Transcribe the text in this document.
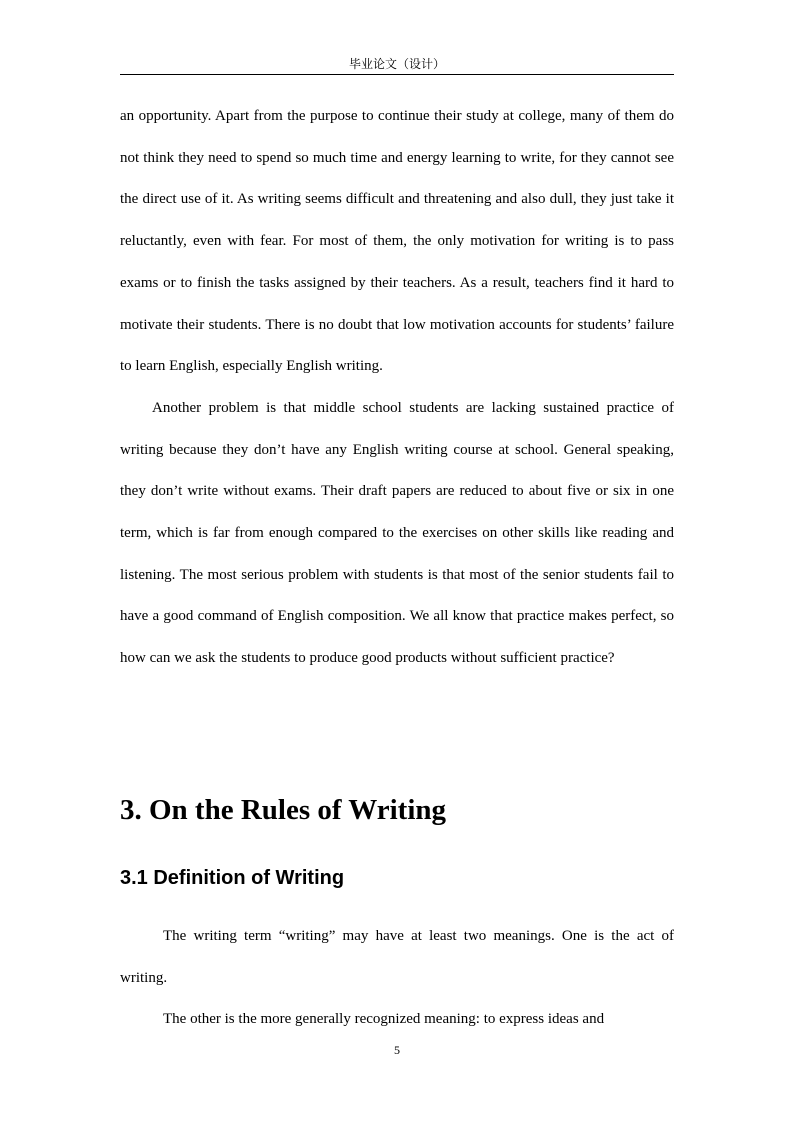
毕业论文（设计）

an opportunity. Apart from the purpose to continue their study at college, many of them do not think they need to spend so much time and energy learning to write, for they cannot see the direct use of it. As writing seems difficult and threatening and also dull, they just take it reluctantly, even with fear. For most of them, the only motivation for writing is to pass exams or to finish the tasks assigned by their teachers. As a result, teachers find it hard to motivate their students. There is no doubt that low motivation accounts for students’ failure to learn English, especially English writing.

Another problem is that middle school students are lacking sustained practice of writing because they don’t have any English writing course at school. General speaking, they don’t write without exams. Their draft papers are reduced to about five or six in one term, which is far from enough compared to the exercises on other skills like reading and listening. The most serious problem with students is that most of the senior students fail to have a good command of English composition. We all know that practice makes perfect, so how can we ask the students to produce good products without sufficient practice?

3. On the Rules of Writing
3.1 Definition of Writing

The writing term “writing” may have at least two meanings. One is the act of writing.

The other is the more generally recognized meaning: to express ideas and

5
